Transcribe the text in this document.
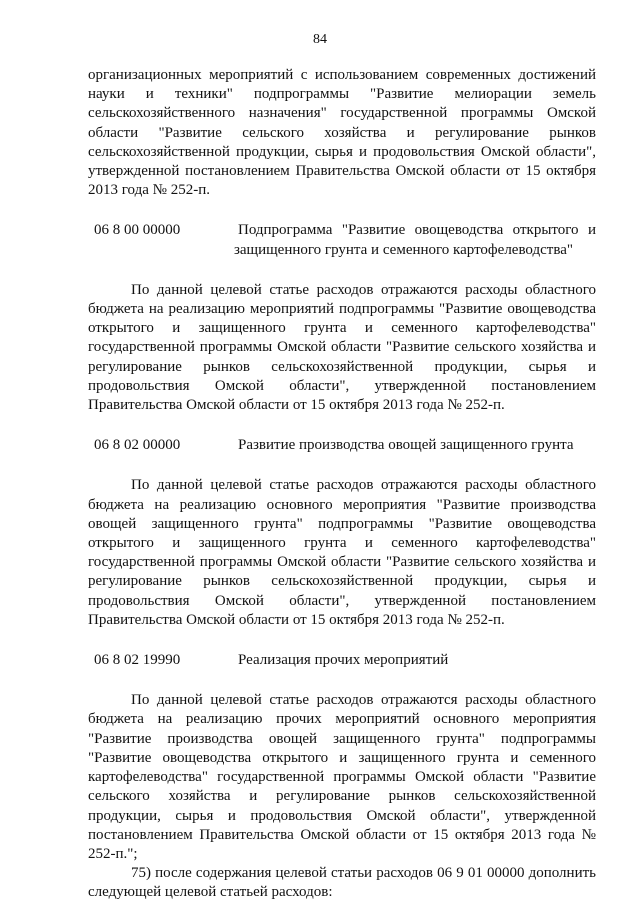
84

организационных мероприятий с использованием современных достижений науки и техники" подпрограммы "Развитие мелиорации земель сельскохозяйственного назначения" государственной программы Омской области "Развитие сельского хозяйства и регулирование рынков сельскохозяйственной продукции, сырья и продовольствия Омской области", утвержденной постановлением Правительства Омской области от 15 октября 2013 года № 252-п.

06 8 00 00000	Подпрограмма "Развитие овощеводства открытого и
защищенного грунта и семенного картофелеводства"

По данной целевой статье расходов отражаются расходы областного бюджета на реализацию мероприятий подпрограммы "Развитие овощеводства открытого и защищенного грунта и семенного картофелеводства" государственной программы Омской области "Развитие сельского хозяйства и регулирование рынков сельскохозяйственной продукции, сырья и продовольствия Омской области", утвержденной постановлением Правительства Омской области от 15 октября 2013 года № 252-п.

06 8 02 00000	Развитие производства овощей защищенного грунта

По данной целевой статье расходов отражаются расходы областного бюджета на реализацию основного мероприятия "Развитие производства овощей защищенного грунта" подпрограммы "Развитие овощеводства открытого и защищенного грунта и семенного картофелеводства" государственной программы Омской области "Развитие сельского хозяйства и регулирование рынков сельскохозяйственной продукции, сырья и продовольствия Омской области", утвержденной постановлением Правительства Омской области от 15 октября 2013 года № 252-п.

06 8 02 19990	Реализация прочих мероприятий

По данной целевой статье расходов отражаются расходы областного бюджета на реализацию прочих мероприятий основного мероприятия "Развитие производства овощей защищенного грунта" подпрограммы "Развитие овощеводства открытого и защищенного грунта и семенного картофелеводства" государственной программы Омской области "Развитие сельского хозяйства и регулирование рынков сельскохозяйственной продукции, сырья и продовольствия Омской области", утвержденной постановлением Правительства Омской области от 15 октября 2013 года № 252-п.";

75) после содержания целевой статьи расходов 06 9 01 00000 дополнить следующей целевой статьей расходов:
